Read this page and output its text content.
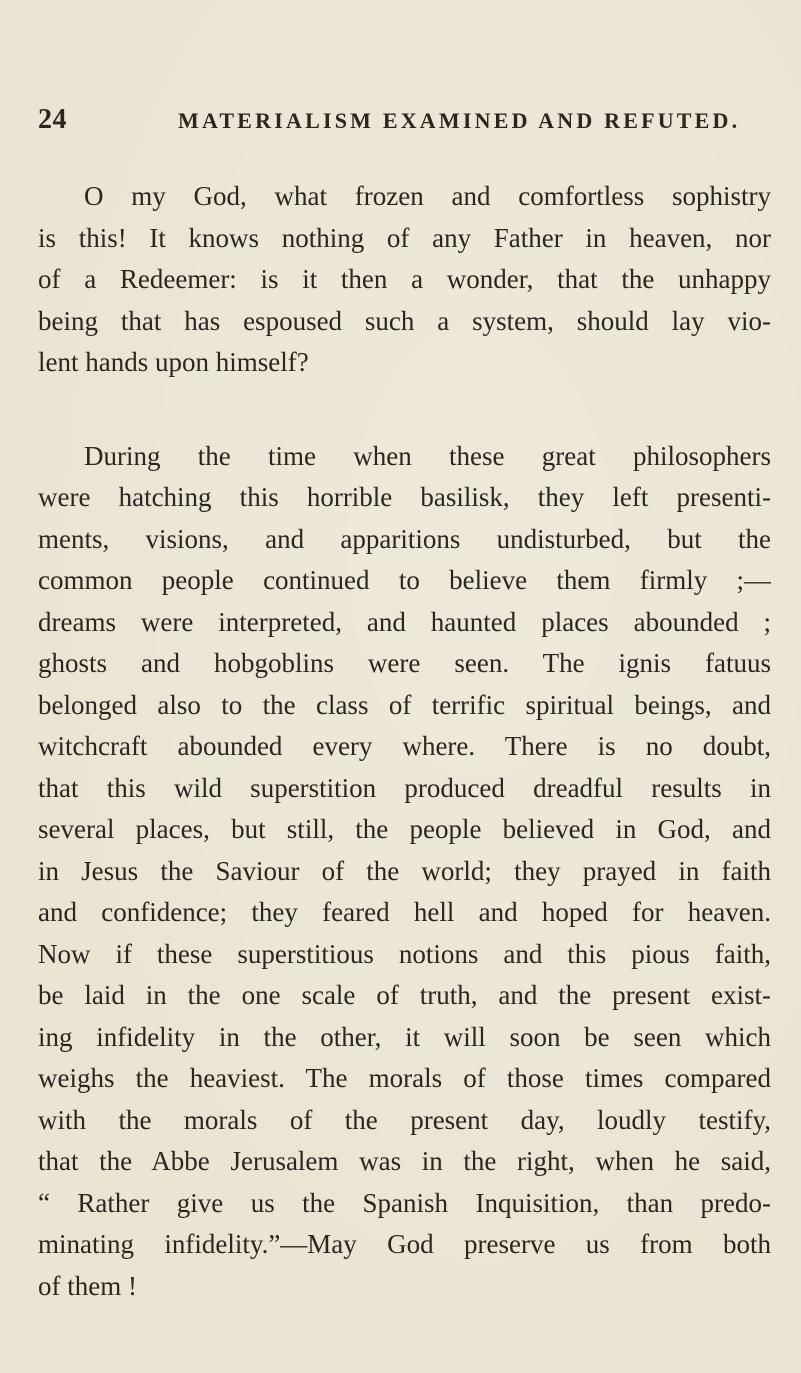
24	MATERIALISM EXAMINED AND REFUTED.
O my God, what frozen and comfortless sophistry
is this! It knows nothing of any Father in heaven, nor
of a Redeemer: is it then a wonder, that the unhappy
being that has espoused such a system, should lay vio-
lent hands upon himself?
During the time when these great philosophers
were hatching this horrible basilisk, they left presenti-
ments, visions, and apparitions undisturbed, but the
common people continued to believe them firmly ;—
dreams were interpreted, and haunted places abounded ;
ghosts and hobgoblins were seen. The ignis fatuus
belonged also to the class of terrific spiritual beings, and
witchcraft abounded every where. There is no doubt,
that this wild superstition produced dreadful results in
several places, but still, the people believed in God, and
in Jesus the Saviour of the world; they prayed in faith
and confidence; they feared hell and hoped for heaven.
Now if these superstitious notions and this pious faith,
be laid in the one scale of truth, and the present exist-
ing infidelity in the other, it will soon be seen which
weighs the heaviest. The morals of those times compared
with the morals of the present day, loudly testify,
that the Abbe Jerusalem was in the right, when he said,
“ Rather give us the Spanish Inquisition, than predo-
minating infidelity.”—May God preserve us from both
of them !
